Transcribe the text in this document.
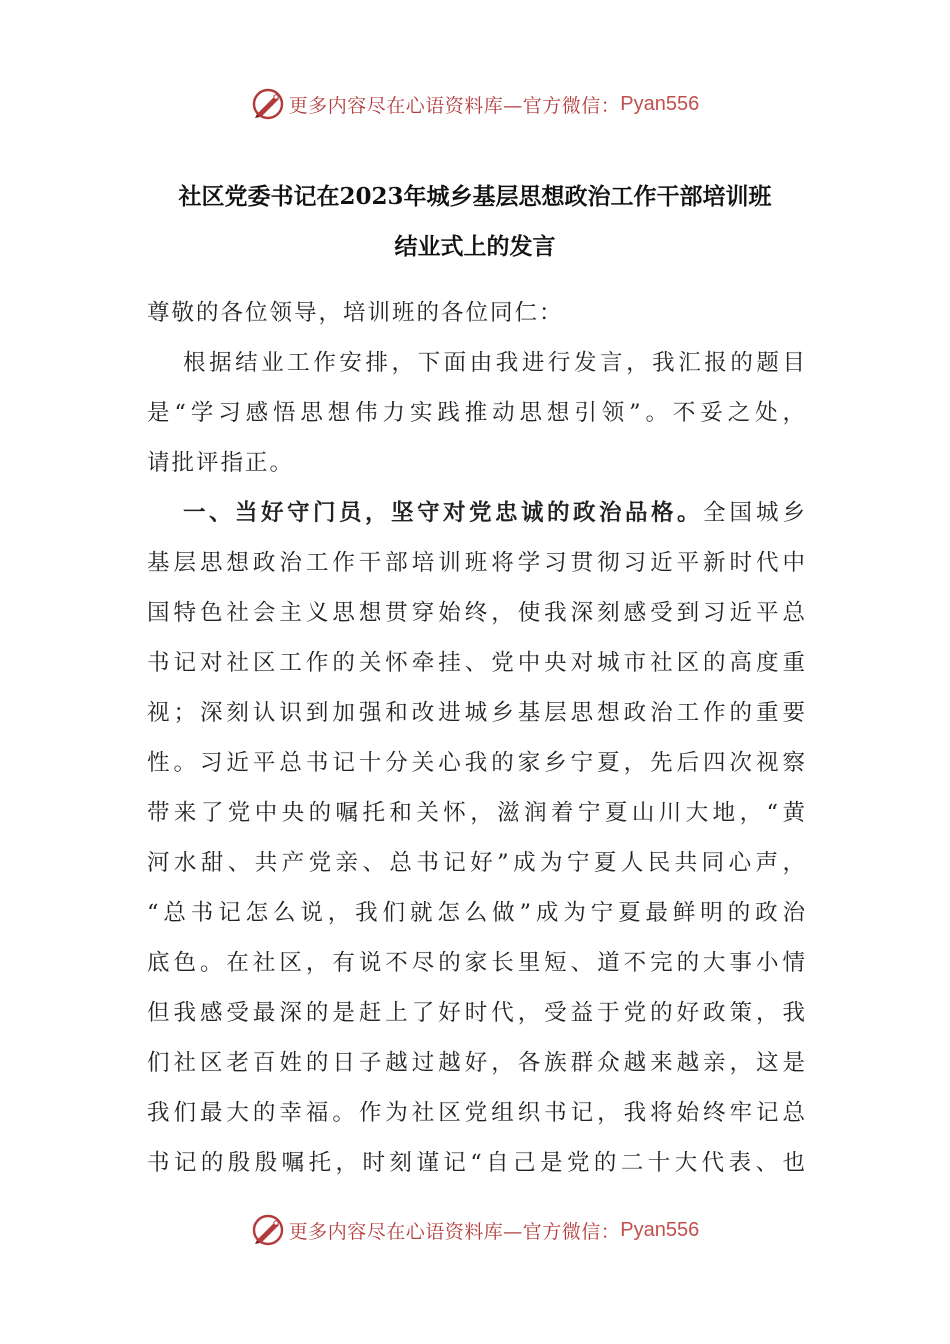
更多内容尽在心语资料库—官方微信： Pyan556
社区党委书记在2023年城乡基层思想政治工作干部培训班
结业式上的发言
尊敬的各位领导，培训班的各位同仁：
根据结业工作安排，下面由我进行发言，我汇报的题目
是“学习感悟思想伟力实践推动思想引领”。不妥之处，
请批评指正。
一、当好守门员，坚守对党忠诚的政治品格。全国城乡
基层思想政治工作干部培训班将学习贯彻习近平新时代中
国特色社会主义思想贯穿始终，使我深刻感受到习近平总
书记对社区工作的关怀牵挂、党中央对城市社区的高度重
视；深刻认识到加强和改进城乡基层思想政治工作的重要
性。习近平总书记十分关心我的家乡宁夏，先后四次视察
带来了党中央的嘱托和关怀，滋润着宁夏山川大地，“黄
河水甜、共产党亲、总书记好”成为宁夏人民共同心声，
“总书记怎么说，我们就怎么做”成为宁夏最鲜明的政治
底色。在社区，有说不尽的家长里短、道不完的大事小情
但我感受最深的是赶上了好时代，受益于党的好政策，我
们社区老百姓的日子越过越好，各族群众越来越亲，这是
我们最大的幸福。作为社区党组织书记，我将始终牢记总
书记的殷殷嘱托，时刻谨记“自己是党的二十大代表、也
更多内容尽在心语资料库—官方微信： Pyan556
